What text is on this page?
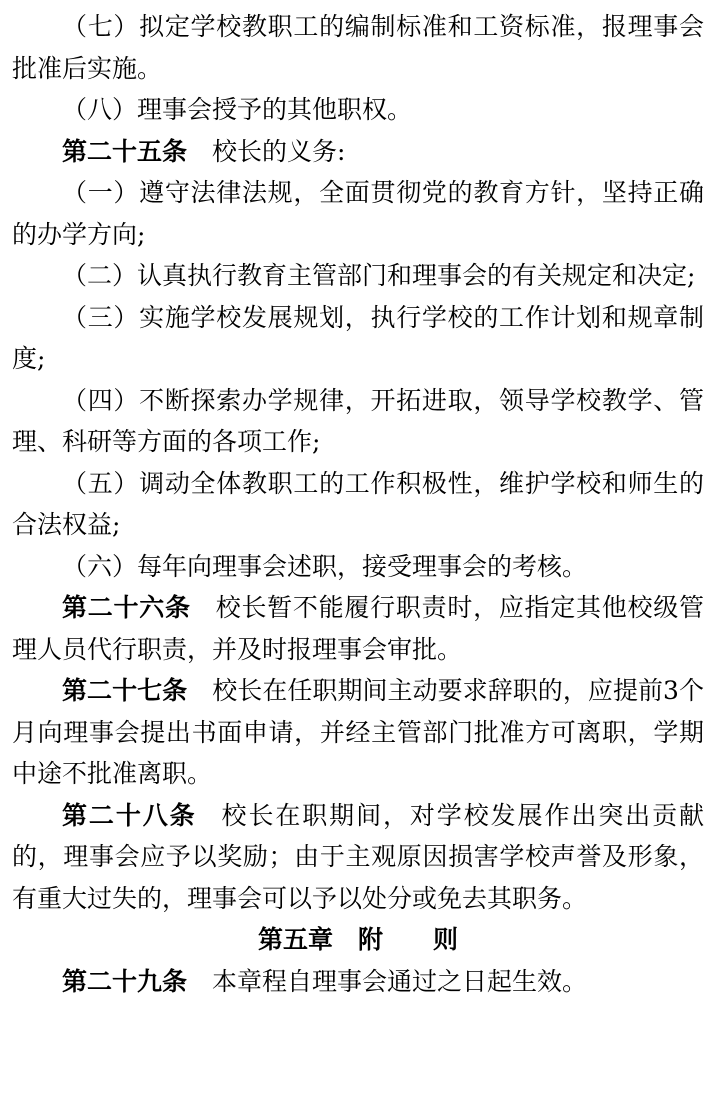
（七）拟定学校教职工的编制标准和工资标准，报理事会批准后实施。

（八）理事会授予的其他职权。

第二十五条 校长的义务:

（一）遵守法律法规，全面贯彻党的教育方针，坚持正确的办学方向;

（二）认真执行教育主管部门和理事会的有关规定和决定;

（三）实施学校发展规划，执行学校的工作计划和规章制度;

（四）不断探索办学规律，开拓进取，领导学校教学、管理、科研等方面的各项工作;

（五）调动全体教职工的工作积极性，维护学校和师生的合法权益;

（六）每年向理事会述职，接受理事会的考核。

第二十六条 校长暂不能履行职责时，应指定其他校级管理人员代行职责，并及时报理事会审批。

第二十七条 校长在任职期间主动要求辞职的，应提前3个月向理事会提出书面申请，并经主管部门批准方可离职，学期中途不批准离职。

第二十八条 校长在职期间，对学校发展作出突出贡献的，理事会应予以奖励；由于主观原因损害学校声誉及形象，有重大过失的，理事会可以予以处分或免去其职务。

第五章　附　　则

第二十九条 本章程自理事会通过之日起生效。
